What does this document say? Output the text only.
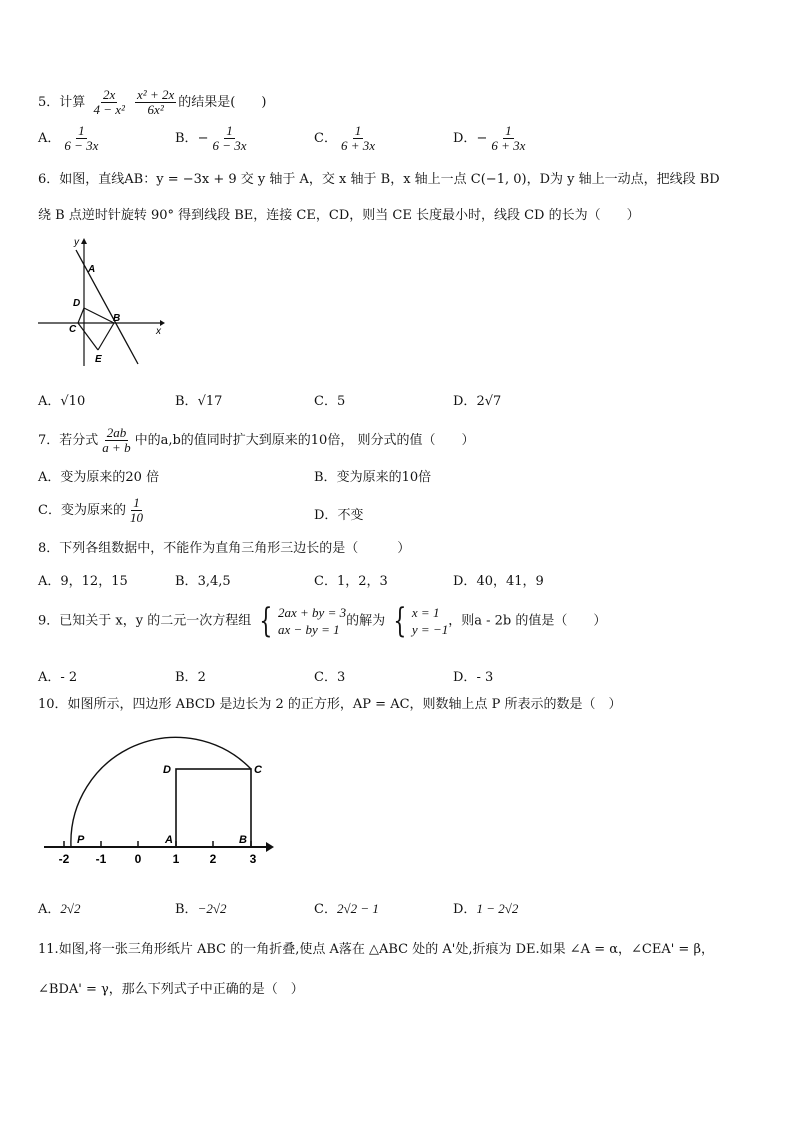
5．计算 $\frac{2x}{\text{4 − x²}}$
$\frac{\text{x² + 2x}}{\text{6x²}}$ 的结果是(　　)
A． $\frac{1}{6 - 3x}$	B．− $\frac{1}{6 - 3x}$	C． $\frac{1}{6 + 3x}$	D．− $\frac{1}{6 + 3x}$
6．如图，直线AB：y = −3x + 9 交 y 轴于 A，交 x 轴于 B，x 轴上一点 C(−1, 0)，D为 y 轴上一动点，把线段 BD
绕 B 点逆时针旋转 90° 得到线段 BE，连接 CE，CD，则当 CE 长度最小时，线段 CD 的长为（　　）
y
x
A
B
C
D
E
A．√10	B．√17	C．5	D．2√7
7．若分式 $\frac{2ab}{a + b}$ 中的a,b的值同时扩大到原来的10倍， 则分式的值（　　）
A．变为原来的20 倍	B．变为原来的10倍
C．变为原来的 $\frac{1}{10}$	D．不变
8．下列各组数据中，不能作为直角三角形三边长的是（　　　）
A．9，12，15	B．3,4,5	C．1，2，3	D．40，41，9
9．已知关于 x，y 的二元一次方程组 { 2ax + by = 3
ax − by = 1
的解为 { x = 1
y = −1
，则a - 2b 的值是（　　）
A．- 2	B．2	C．3	D．- 3
10．如图所示，四边形 ABCD 是边长为 2 的正方形，AP = AC，则数轴上点 P 所表示的数是（　）
P	A	B
C
D
-2 -1 0	1	2	3
A．2√2	B．−2√2	C．2√2 − 1	D．1 − 2√2
11.如图,将一张三角形纸片 ABC 的一角折叠,使点 A落在 △ABC 处的 A'处,折痕为 DE.如果 ∠A = α，∠CEA' = β，
∠BDA' = γ，那么下列式子中正确的是（　）
